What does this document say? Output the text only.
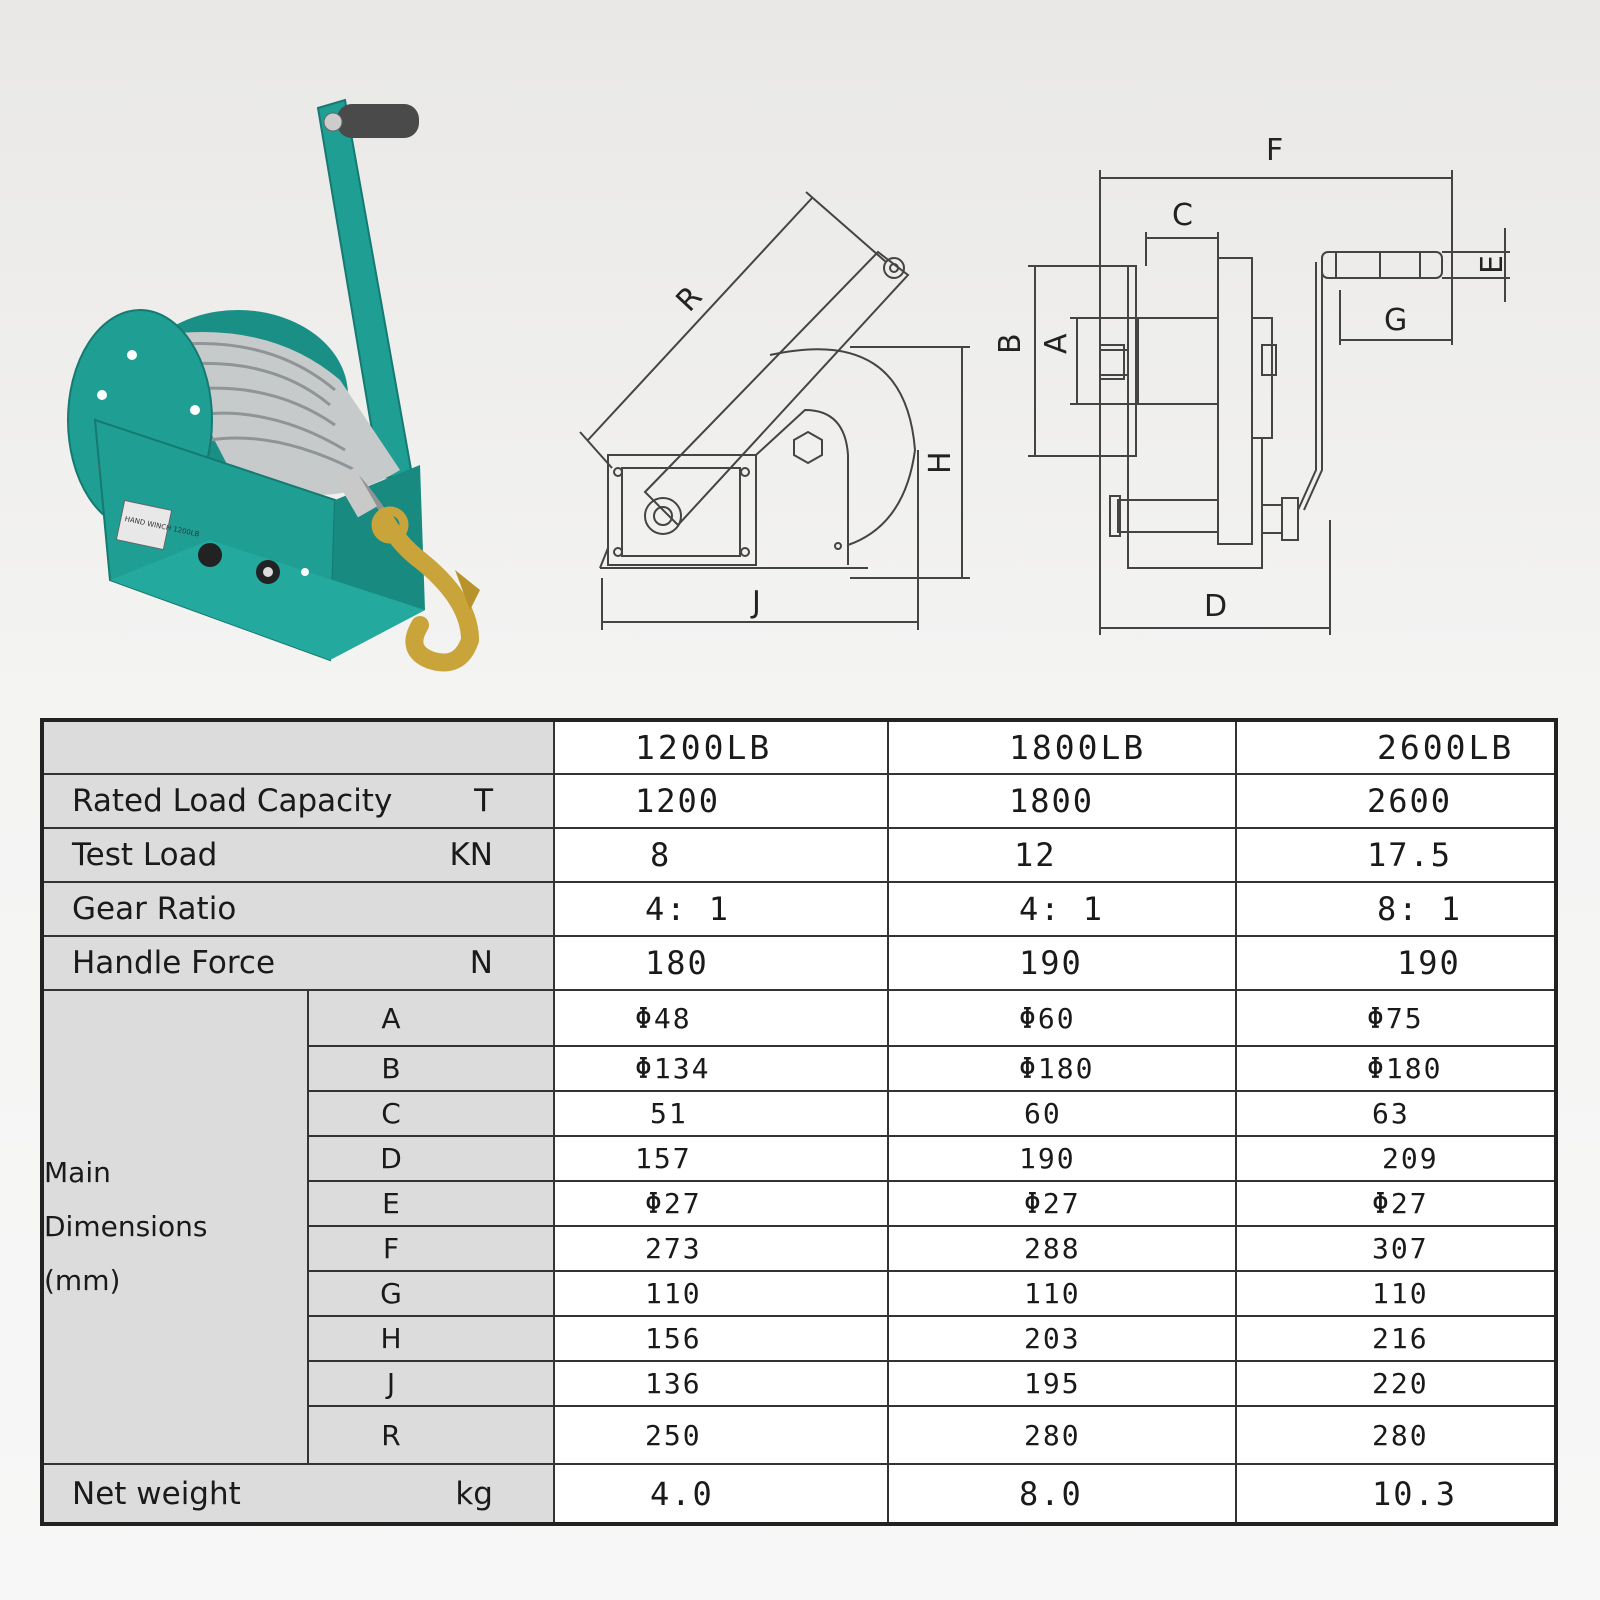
HAND WINCH 1200LB
R
H
J
F
C
B A
E
G
D
		1200LB	1800LB	2600LB

Rated Load Capacity T		1200	1800	2600

Test Load KN		8	12	17.5

Gear Ratio		4: 1	4: 1	8: 1

Handle Force N		180	190	190

Main
Dimensions
(mm)	A	Φ48	Φ60	Φ75
	B	Φ134	Φ180	Φ180
	C	51	60	63
	D	157	190	209
	E	Φ27	Φ27	Φ27
	F	273	288	307
	G	110	110	110
	H	156	203	216
	J	136	195	220
	R	250	280	280

Net weight kg		4.0	8.0	10.3
